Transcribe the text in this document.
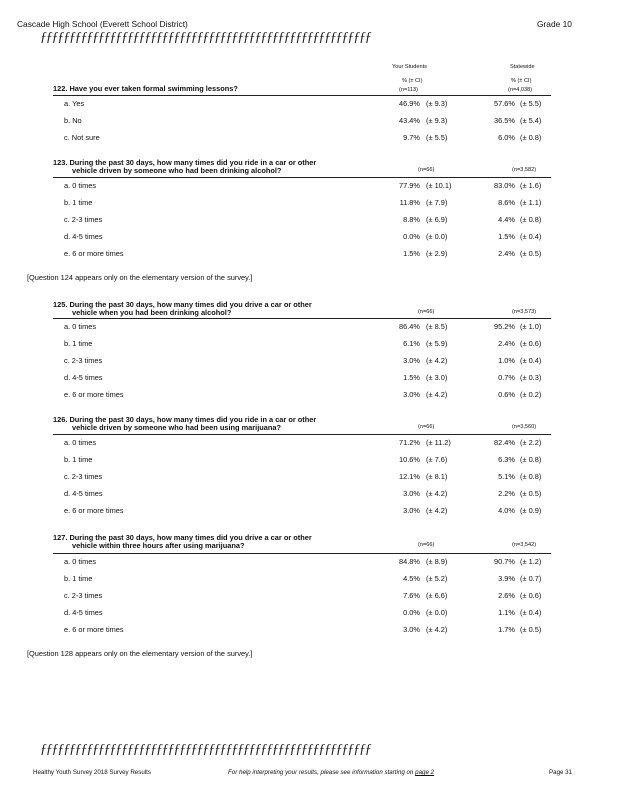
Cascade High School (Everett School District)	Grade 10
ƒƒƒƒƒƒƒƒƒƒƒƒƒƒƒƒƒƒƒƒƒƒƒƒƒƒƒƒƒƒƒƒƒƒƒƒƒƒƒƒƒƒƒƒƒƒƒƒƒƒƒƒƒƒƒƒƒ
Your Students	Statewide
% (± CI)	% (± CI)
122. Have you ever taken formal swimming lessons?	(n=113)	(n=4,038)
a. Yes	46.9% (± 9.3)	57.6% (± 5.5)
b. No	43.4% (± 9.3)	36.5% (± 5.4)
c. Not sure	9.7% (± 5.5)	6.0% (± 0.8)
123. During the past 30 days, how many times did you ride in a car or other
vehicle driven by someone who had been drinking alcohol?	(n=66)	(n=3,582)
a. 0 times	77.9% (± 10.1)	83.0% (± 1.6)
b. 1 time	11.8% (± 7.9)	8.6% (± 1.1)
c. 2-3 times	8.8% (± 6.9)	4.4% (± 0.8)
d. 4-5 times	0.0% (± 0.0)	1.5% (± 0.4)
e. 6 or more times	1.5% (± 2.9)	2.4% (± 0.5)
125. During the past 30 days, how many times did you drive a car or other
vehicle when you had been drinking alcohol?	(n=66)	(n=3,573)
a. 0 times	86.4% (± 8.5)	95.2% (± 1.0)
b. 1 time	6.1% (± 5.9)	2.4% (± 0.6)
c. 2-3 times	3.0% (± 4.2)	1.0% (± 0.4)
d. 4-5 times	1.5% (± 3.0)	0.7% (± 0.3)
e. 6 or more times	3.0% (± 4.2)	0.6% (± 0.2)
126. During the past 30 days, how many times did you ride in a car or other
vehicle driven by someone who had been using marijuana?	(n=66)	(n=3,560)
a. 0 times	71.2% (± 11.2)	82.4% (± 2.2)
b. 1 time	10.6% (± 7.6)	6.3% (± 0.8)
c. 2-3 times	12.1% (± 8.1)	5.1% (± 0.8)
d. 4-5 times	3.0% (± 4.2)	2.2% (± 0.5)
e. 6 or more times	3.0% (± 4.2)	4.0% (± 0.9)
127. During the past 30 days, how many times did you drive a car or other
vehicle within three hours after using marijuana?	(n=66)	(n=3,542)
a. 0 times	84.8% (± 8.9)	90.7% (± 1.2)
b. 1 time	4.5% (± 5.2)	3.9% (± 0.7)
c. 2-3 times	7.6% (± 6.6)	2.6% (± 0.6)
d. 4-5 times	0.0% (± 0.0)	1.1% (± 0.4)
e. 6 or more times	3.0% (± 4.2)	1.7% (± 0.5)
[Question 124 appears only on the elementary version of the survey.]
[Question 128 appears only on the elementary version of the survey.]
ƒƒƒƒƒƒƒƒƒƒƒƒƒƒƒƒƒƒƒƒƒƒƒƒƒƒƒƒƒƒƒƒƒƒƒƒƒƒƒƒƒƒƒƒƒƒƒƒƒƒƒƒƒƒƒƒƒ
Healthy Youth Survey 2018 Survey Results	For help interpreting your results, please see information starting on page 2	Page 31
